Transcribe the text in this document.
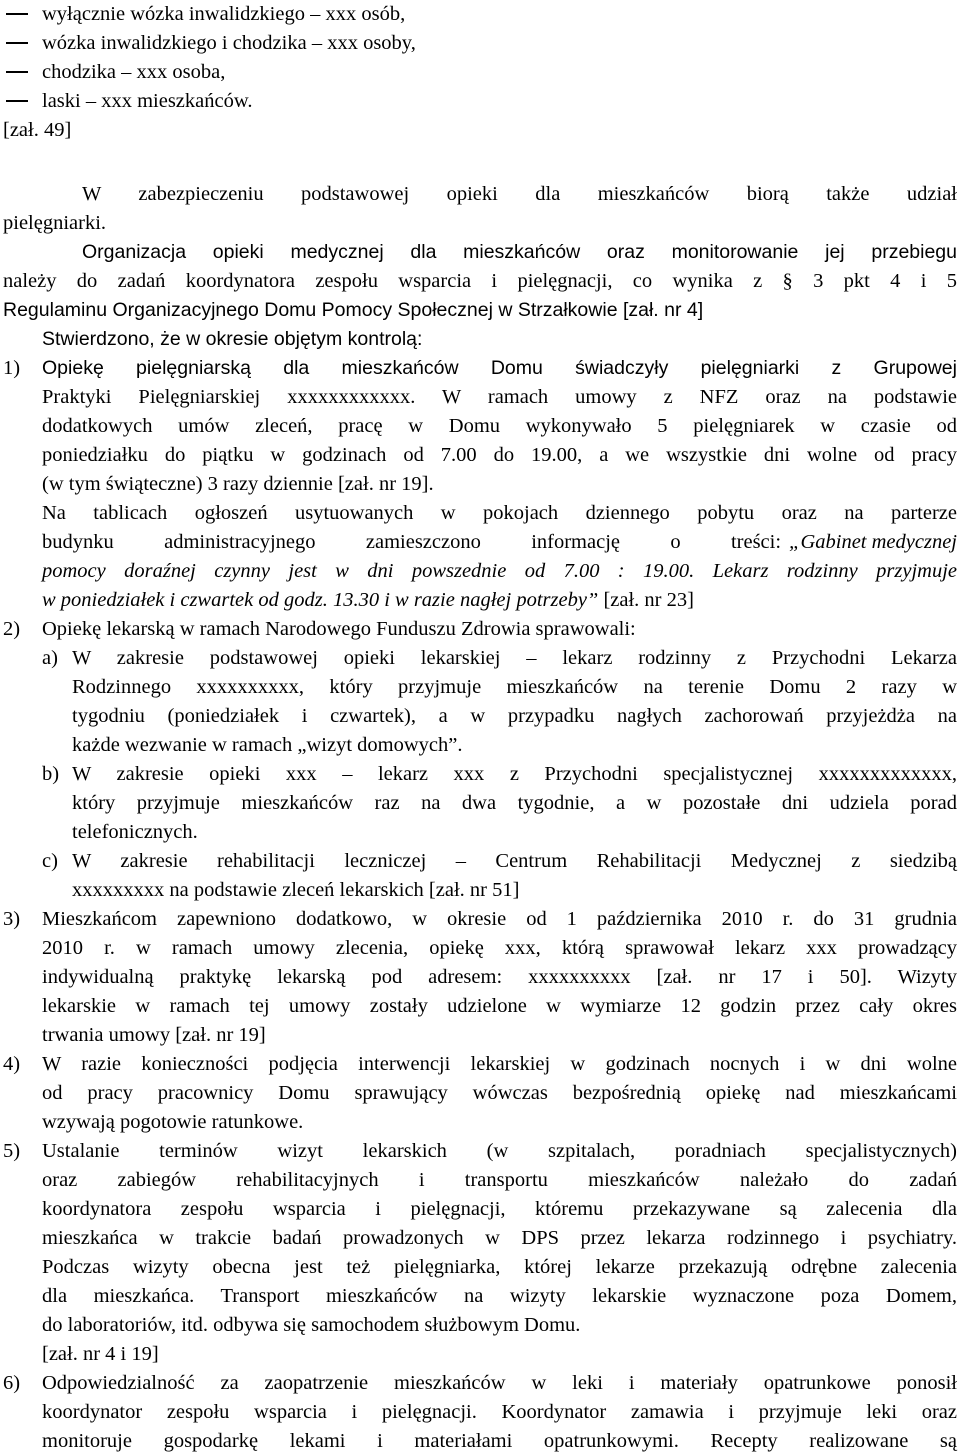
wyłącznie wózka inwalidzkiego – xxx osób,
wózka inwalidzkiego i chodzika – xxx osoby,
chodzika – xxx osoba,
laski – xxx mieszkańców.
[zał. 49]
W zabezpieczeniu podstawowej opieki dla mieszkańców biorą także udział
pielęgniarki.
Organizacja opieki medycznej dla mieszkańców oraz monitorowanie jej przebiegu
należy do zadań koordynatora zespołu wsparcia i pielęgnacji, co wynika z § 3 pkt 4 i 5
Regulaminu Organizacyjnego Domu Pomocy Społecznej w Strzałkowie [zał. nr 4]
Stwierdzono, że w okresie objętym kontrolą:
1)	Opiekę pielęgniarską dla mieszkańców Domu świadczyły pielęgniarki z Grupowej
Praktyki Pielęgniarskiej xxxxxxxxxxxx. W ramach umowy z NFZ oraz na podstawie
dodatkowych umów zleceń, pracę w Domu wykonywało 5 pielęgniarek w czasie od
poniedziałku do piątku w godzinach od 7.00 do 19.00, a we wszystkie dni wolne od pracy
(w tym świąteczne) 3 razy dziennie [zał. nr 19].
Na tablicach ogłoszeń usytuowanych w pokojach dziennego pobytu oraz na parterze
budynku administracyjnego zamieszczono informację o treści: „Gabinet medycznej
pomocy doraźnej czynny jest w dni powszednie od 7.00 : 19.00. Lekarz rodzinny przyjmuje
w poniedziałek i czwartek od godz. 13.30 i w razie nagłej potrzeby” [zał. nr 23]
2)	Opiekę lekarską w ramach Narodowego Funduszu Zdrowia sprawowali:
a) W zakresie podstawowej opieki lekarskiej – lekarz rodzinny z Przychodni Lekarza
Rodzinnego xxxxxxxxxx, który przyjmuje mieszkańców na terenie Domu 2 razy w
tygodniu (poniedziałek i czwartek), a w przypadku nagłych zachorowań przyjeżdża na
każde wezwanie w ramach „wizyt domowych”.
b) W zakresie opieki xxx – lekarz xxx z Przychodni specjalistycznej xxxxxxxxxxxxx,
który przyjmuje mieszkańców raz na dwa tygodnie, a w pozostałe dni udziela porad
telefonicznych.
c) W zakresie rehabilitacji leczniczej – Centrum Rehabilitacji Medycznej z siedzibą
xxxxxxxxx na podstawie zleceń lekarskich [zał. nr 51]
3)	Mieszkańcom zapewniono dodatkowo, w okresie od 1 października 2010 r. do 31 grudnia
2010 r. w ramach umowy zlecenia, opiekę xxx, którą sprawował lekarz xxx prowadzący
indywidualną praktykę lekarską pod adresem: xxxxxxxxxx [zał. nr 17 i 50]. Wizyty
lekarskie w ramach tej umowy zostały udzielone w wymiarze 12 godzin przez cały okres
trwania umowy [zał. nr 19]
4)	W razie konieczności podjęcia interwencji lekarskiej w godzinach nocnych i w dni wolne
od pracy pracownicy Domu sprawujący wówczas bezpośrednią opiekę nad mieszkańcami
wzywają pogotowie ratunkowe.
5)	Ustalanie terminów wizyt lekarskich (w szpitalach, poradniach specjalistycznych)
oraz zabiegów rehabilitacyjnych i transportu mieszkańców należało do zadań
koordynatora zespołu wsparcia i pielęgnacji, któremu przekazywane są zalecenia dla
mieszkańca w trakcie badań prowadzonych w DPS przez lekarza rodzinnego i psychiatry.
Podczas wizyty obecna jest też pielęgniarka, której lekarze przekazują odrębne zalecenia
dla mieszkańca. Transport mieszkańców na wizyty lekarskie wyznaczone poza Domem,
do laboratoriów, itd. odbywa się samochodem służbowym Domu.
[zał. nr 4 i 19]
6)	Odpowiedzialność za zaopatrzenie mieszkańców w leki i materiały opatrunkowe ponosił
koordynator zespołu wsparcia i pielęgnacji. Koordynator zamawia i przyjmuje leki oraz
monitoruje gospodarkę lekami i materiałami opatrunkowymi. Recepty realizowane są
